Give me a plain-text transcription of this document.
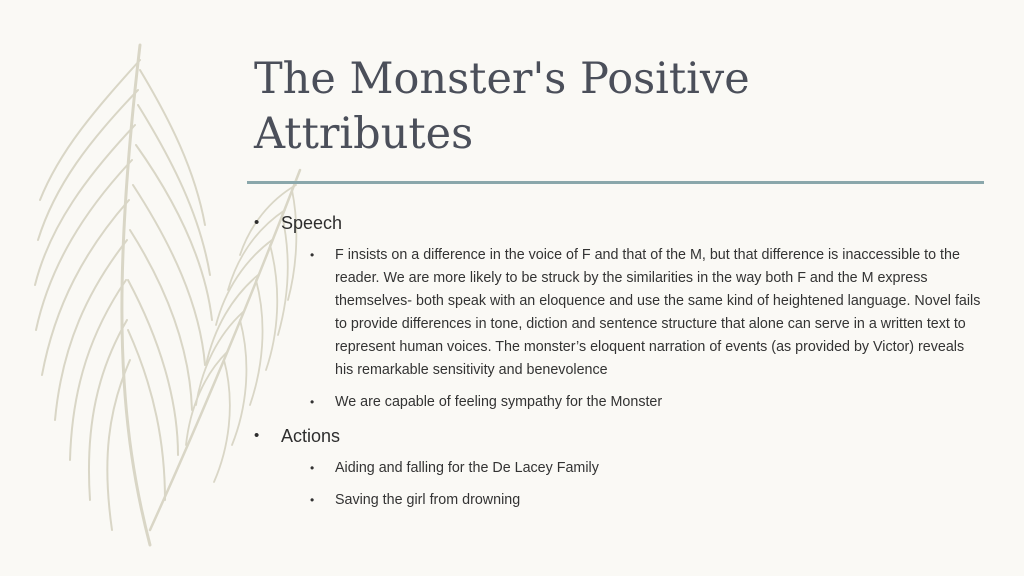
The Monster's Positive Attributes
• Speech
• F insists on a difference in the voice of F and that of the M, but that difference is inaccessible to the reader. We are more likely to be struck by the similarities in the way both F and the M express themselves- both speak with an eloquence and use the same kind of heightened language. Novel fails to provide differences in tone, diction and sentence structure that alone can serve in a written text to represent human voices. The monster’s eloquent narration of events (as provided by Victor) reveals his remarkable sensitivity and benevolence
• We are capable of feeling sympathy for the Monster
• Actions
• Aiding and falling for the De Lacey Family
• Saving the girl from drowning
